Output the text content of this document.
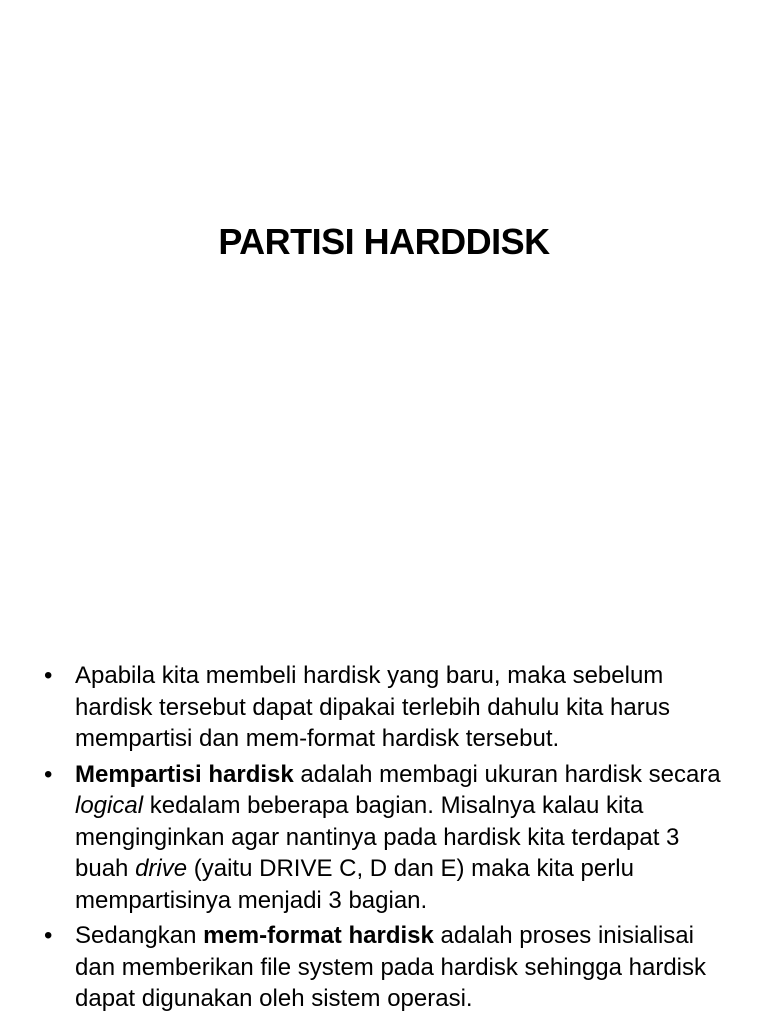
PARTISI HARDDISK
• Apabila kita membeli hardisk yang baru, maka sebelum hardisk tersebut dapat dipakai terlebih dahulu kita harus mempartisi dan mem-format hardisk tersebut.
• Mempartisi hardisk adalah membagi ukuran hardisk secara logical kedalam beberapa bagian. Misalnya kalau kita menginginkan agar nantinya pada hardisk kita terdapat 3 buah drive (yaitu DRIVE C, D dan E) maka kita perlu mempartisinya menjadi 3 bagian.
• Sedangkan mem-format hardisk adalah proses inisialisai dan memberikan file system pada hardisk sehingga hardisk dapat digunakan oleh sistem operasi.
